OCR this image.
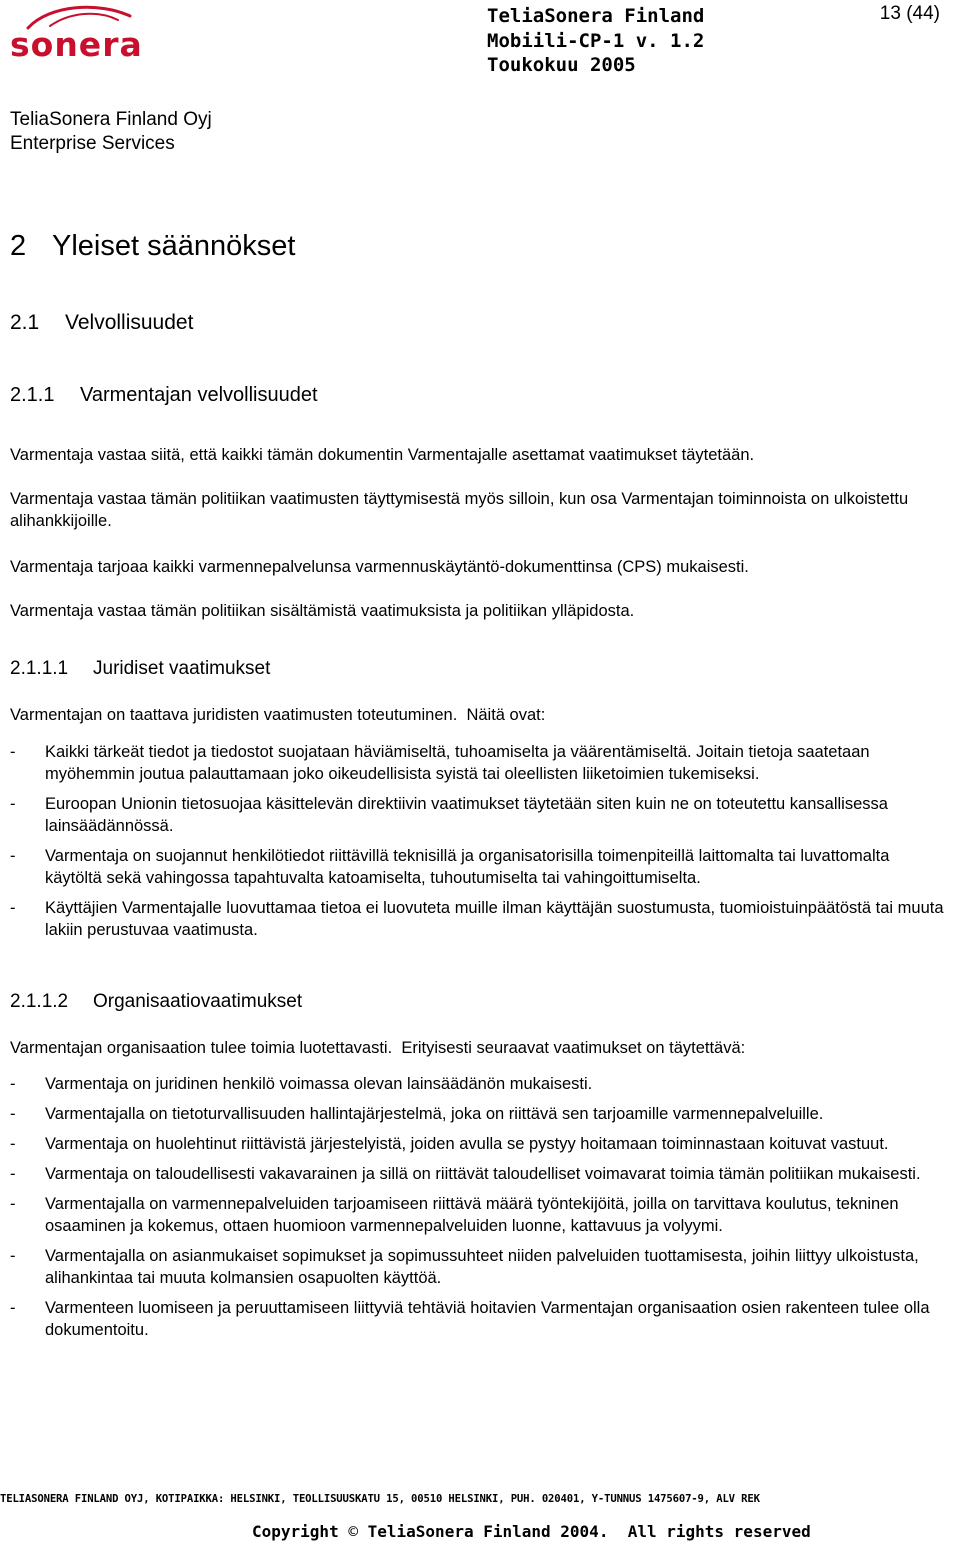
sonera
TeliaSonera Finland
Mobiili-CP-1 v. 1.2
Toukokuu 2005
13 (44)
TeliaSonera Finland Oyj
Enterprise Services
2 Yleiset säännökset
2.1 Velvollisuudet
2.1.1 Varmentajan velvollisuudet
Varmentaja vastaa siitä, että kaikki tämän dokumentin Varmentajalle asettamat vaatimukset täytetään.
Varmentaja vastaa tämän politiikan vaatimusten täyttymisestä myös silloin, kun osa Varmentajan toiminnoista on ulkoistettu alihankkijoille.
Varmentaja tarjoaa kaikki varmennepalvelunsa varmennuskäytäntö-dokumenttinsa (CPS) mukaisesti.
Varmentaja vastaa tämän politiikan sisältämistä vaatimuksista ja politiikan ylläpidosta.
2.1.1.1 Juridiset vaatimukset
Varmentajan on taattava juridisten vaatimusten toteutuminen.  Näitä ovat:
- Kaikki tärkeät tiedot ja tiedostot suojataan häviämiseltä, tuhoamiselta ja väärentämiseltä. Joitain tietoja saatetaan myöhemmin joutua palauttamaan joko oikeudellisista syistä tai oleellisten liiketoimien tukemiseksi.
- Euroopan Unionin tietosuojaa käsittelevän direktiivin vaatimukset täytetään siten kuin ne on toteutettu kansallisessa lainsäädännössä.
- Varmentaja on suojannut henkilötiedot riittävillä teknisillä ja organisatorisilla toimenpiteillä laittomalta tai luvattomalta käytöltä sekä vahingossa tapahtuvalta katoamiselta, tuhoutumiselta tai vahingoittumiselta.
- Käyttäjien Varmentajalle luovuttamaa tietoa ei luovuteta muille ilman käyttäjän suostumusta, tuomioistuinpäätöstä tai muuta lakiin perustuvaa vaatimusta.
2.1.1.2 Organisaatiovaatimukset
Varmentajan organisaation tulee toimia luotettavasti.  Erityisesti seuraavat vaatimukset on täytettävä:
- Varmentaja on juridinen henkilö voimassa olevan lainsäädänön mukaisesti.
- Varmentajalla on tietoturvallisuuden hallintajärjestelmä, joka on riittävä sen tarjoamille varmennepalveluille.
- Varmentaja on huolehtinut riittävistä järjestelyistä, joiden avulla se pystyy hoitamaan toiminnastaan koituvat vastuut.
- Varmentaja on taloudellisesti vakavarainen ja sillä on riittävät taloudelliset voimavarat toimia tämän politiikan mukaisesti.
- Varmentajalla on varmennepalveluiden tarjoamiseen riittävä määrä työntekijöitä, joilla on tarvittava koulutus, tekninen osaaminen ja kokemus, ottaen huomioon varmennepalveluiden luonne, kattavuus ja volyymi.
- Varmentajalla on asianmukaiset sopimukset ja sopimussuhteet niiden palveluiden tuottamisesta, joihin liittyy ulkoistusta, alihankintaa tai muuta kolmansien osapuolten käyttöä.
- Varmenteen luomiseen ja peruuttamiseen liittyviä tehtäviä hoitavien Varmentajan organisaation osien rakenteen tulee olla dokumentoitu.
TELIASONERA FINLAND OYJ, KOTIPAIKKA: HELSINKI, TEOLLISUUSKATU 15, 00510 HELSINKI, PUH. 020401, Y-TUNNUS 1475607-9, ALV REK
Copyright © TeliaSonera Finland 2004.  All rights reserved
